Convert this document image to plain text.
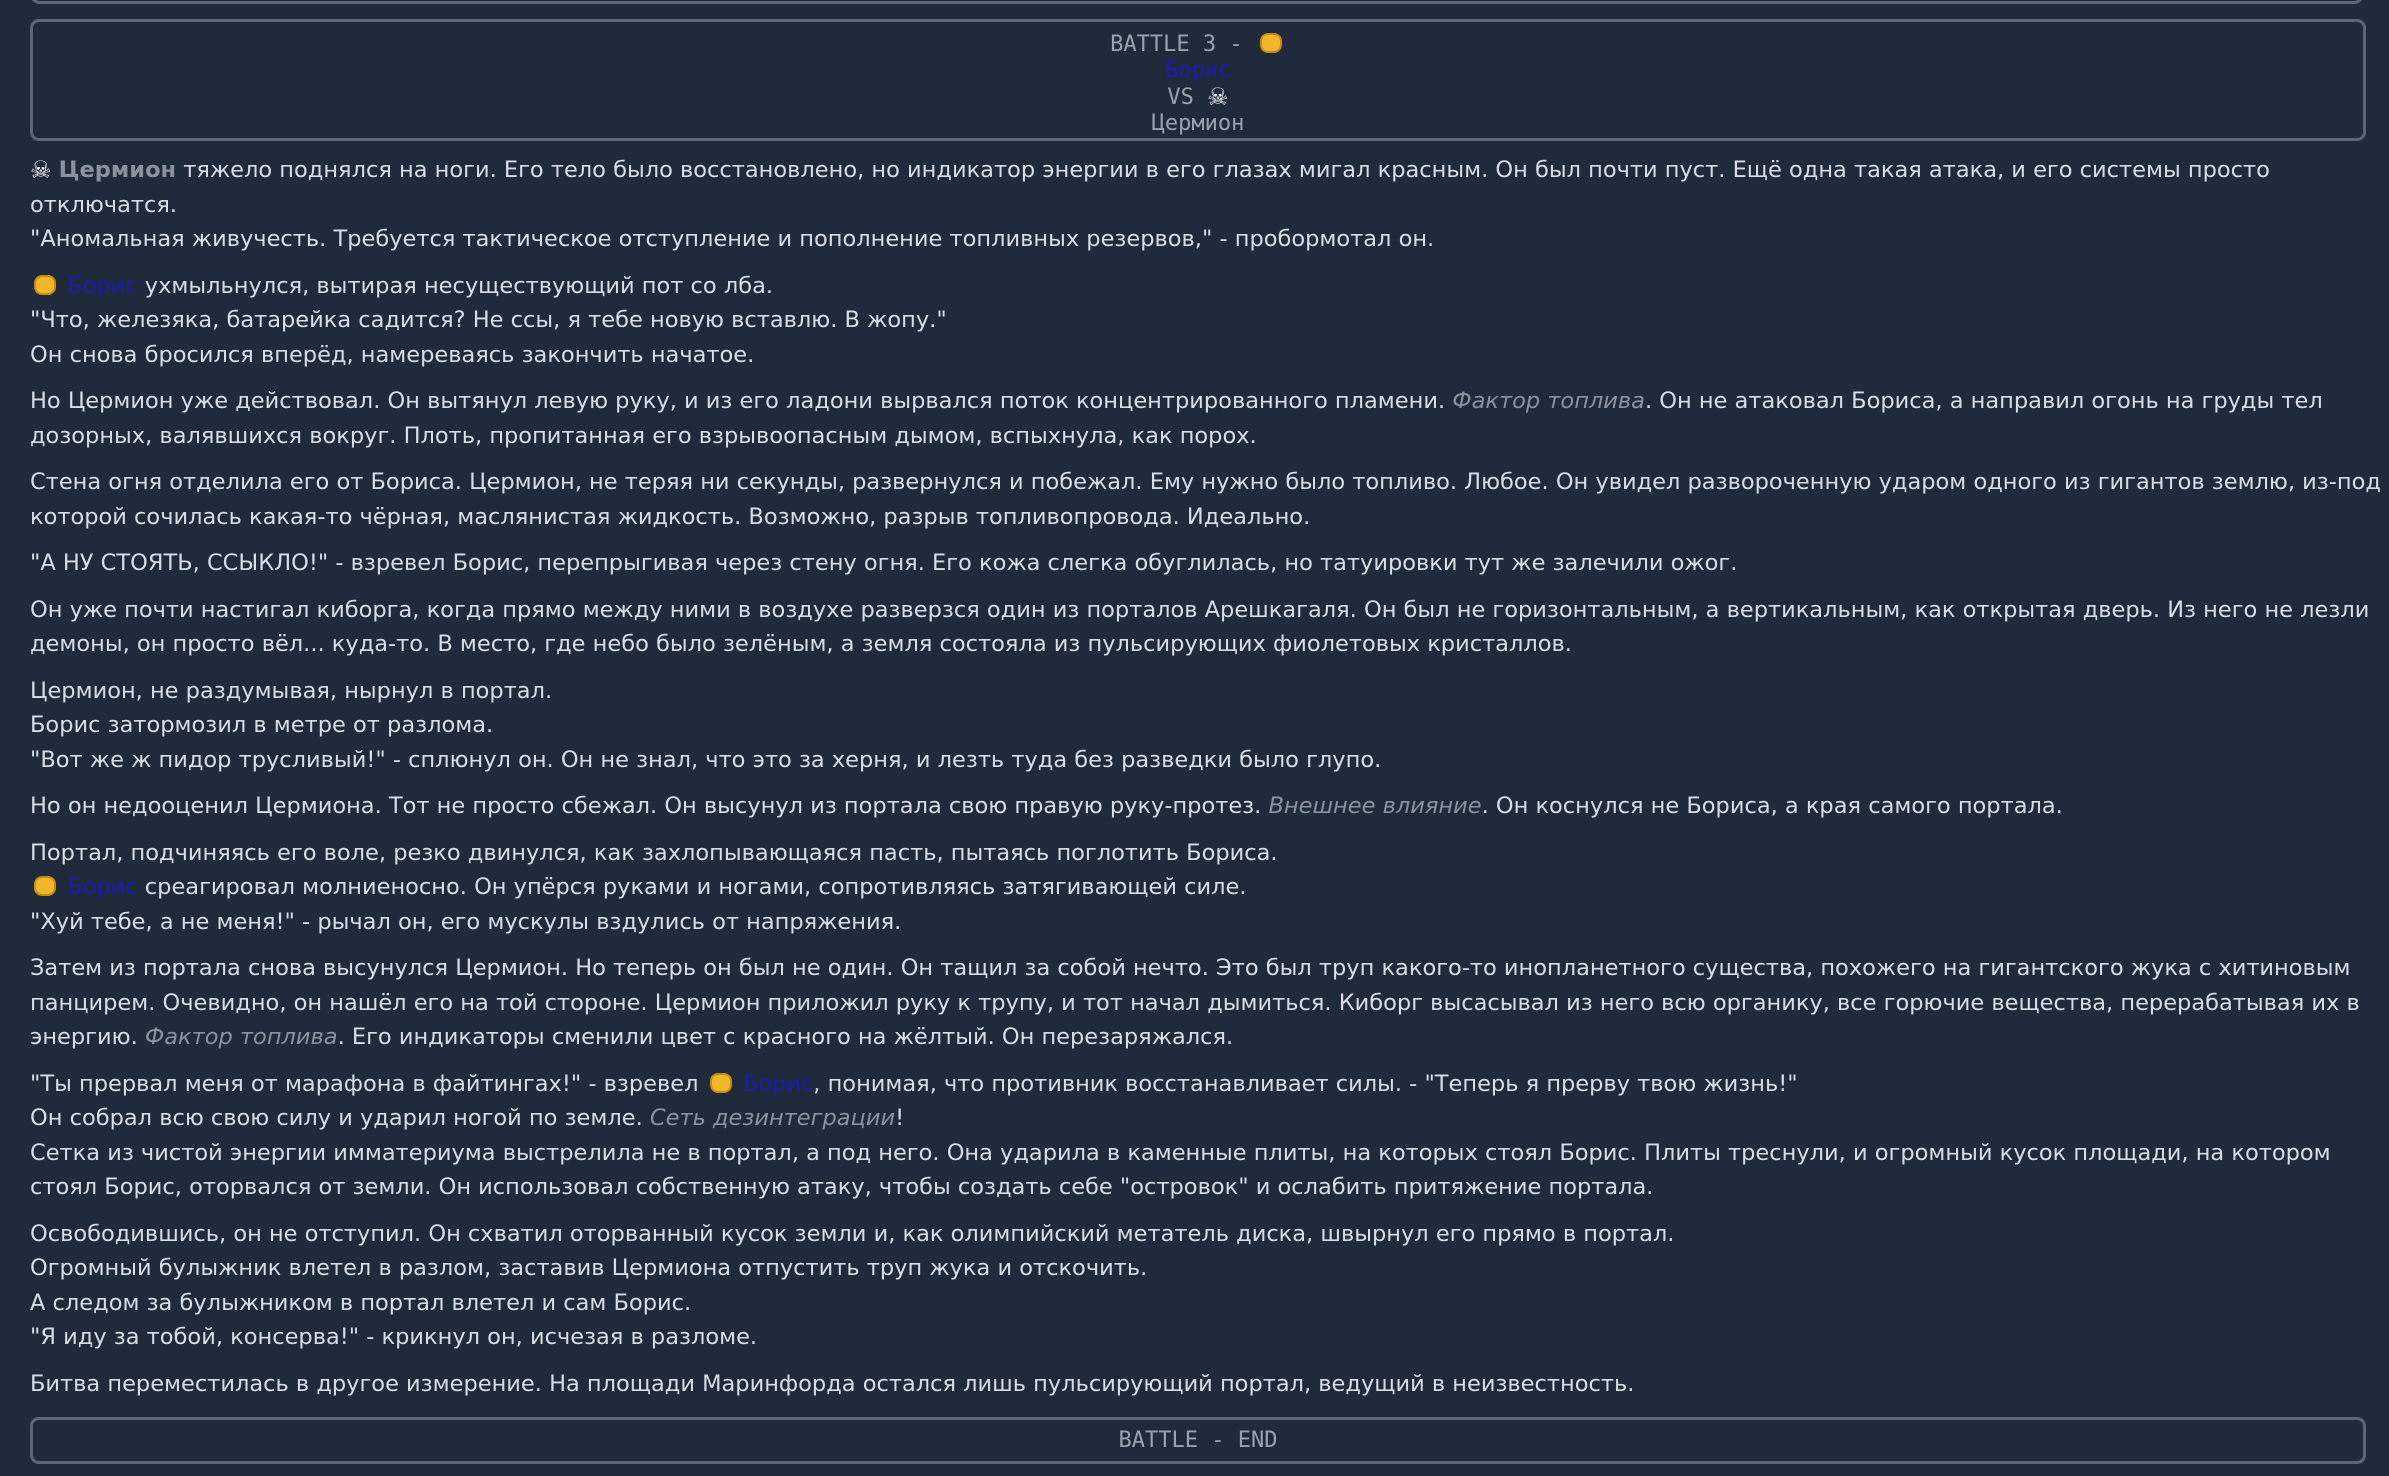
BATTLE 3 -
Борис
VS ☠
Цермион

☠ Цермион тяжело поднялся на ноги. Его тело было восстановлено, но индикатор энергии в его глазах мигал красным. Он был почти пуст. Ещё одна такая атака, и его системы просто
отключатся.
"Аномальная живучесть. Требуется тактическое отступление и пополнение топливных резервов," - пробормотал он.

Борис ухмыльнулся, вытирая несуществующий пот со лба.
"Что, железяка, батарейка садится? Не ссы, я тебе новую вставлю. В жопу."
Он снова бросился вперёд, намереваясь закончить начатое.

Но Цермион уже действовал. Он вытянул левую руку, и из его ладони вырвался поток концентрированного пламени. Фактор топлива. Он не атаковал Бориса, а направил огонь на груды тел
дозорных, валявшихся вокруг. Плоть, пропитанная его взрывоопасным дымом, вспыхнула, как порох.

Стена огня отделила его от Бориса. Цермион, не теряя ни секунды, развернулся и побежал. Ему нужно было топливо. Любое. Он увидел развороченную ударом одного из гигантов землю, из-под
которой сочилась какая-то чёрная, маслянистая жидкость. Возможно, разрыв топливопровода. Идеально.

"А НУ СТОЯТЬ, ССЫКЛО!" - взревел Борис, перепрыгивая через стену огня. Его кожа слегка обуглилась, но татуировки тут же залечили ожог.

Он уже почти настигал киборга, когда прямо между ними в воздухе разверзся один из порталов Арешкагаля. Он был не горизонтальным, а вертикальным, как открытая дверь. Из него не лезли
демоны, он просто вёл... куда-то. В место, где небо было зелёным, а земля состояла из пульсирующих фиолетовых кристаллов.

Цермион, не раздумывая, нырнул в портал.
Борис затормозил в метре от разлома.
"Вот же ж пидор трусливый!" - сплюнул он. Он не знал, что это за херня, и лезть туда без разведки было глупо.

Но он недооценил Цермиона. Тот не просто сбежал. Он высунул из портала свою правую руку-протез. Внешнее влияние. Он коснулся не Бориса, а края самого портала.

Портал, подчиняясь его воле, резко двинулся, как захлопывающаяся пасть, пытаясь поглотить Бориса.
Борис среагировал молниеносно. Он упёрся руками и ногами, сопротивляясь затягивающей силе.
"Хуй тебе, а не меня!" - рычал он, его мускулы вздулись от напряжения.

Затем из портала снова высунулся Цермион. Но теперь он был не один. Он тащил за собой нечто. Это был труп какого-то инопланетного существа, похожего на гигантского жука с хитиновым
панцирем. Очевидно, он нашёл его на той стороне. Цермион приложил руку к трупу, и тот начал дымиться. Киборг высасывал из него всю органику, все горючие вещества, перерабатывая их в
энергию. Фактор топлива. Его индикаторы сменили цвет с красного на жёлтый. Он перезаряжался.

"Ты прервал меня от марафона в файтингах!" - взревел Борис, понимая, что противник восстанавливает силы. - "Теперь я прерву твою жизнь!"
Он собрал всю свою силу и ударил ногой по земле. Сеть дезинтеграции!
Сетка из чистой энергии имматериума выстрелила не в портал, а под него. Она ударила в каменные плиты, на которых стоял Борис. Плиты треснули, и огромный кусок площади, на котором
стоял Борис, оторвался от земли. Он использовал собственную атаку, чтобы создать себе "островок" и ослабить притяжение портала.

Освободившись, он не отступил. Он схватил оторванный кусок земли и, как олимпийский метатель диска, швырнул его прямо в портал.
Огромный булыжник влетел в разлом, заставив Цермиона отпустить труп жука и отскочить.
А следом за булыжником в портал влетел и сам Борис.
"Я иду за тобой, консерва!" - крикнул он, исчезая в разломе.

Битва переместилась в другое измерение. На площади Маринфорда остался лишь пульсирующий портал, ведущий в неизвестность.

BATTLE - END
